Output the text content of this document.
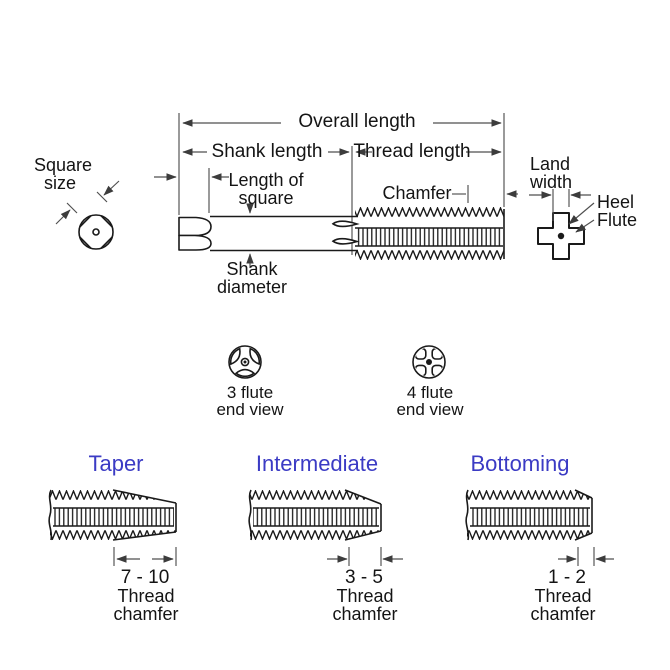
Overall length
Shank length Thread length
Length of
square	Chamfer
Square
size
Shank
diameter
Land
width
Heel
Flute
3 flute
end view
4 flute
end view
Taper	Intermediate	Bottoming
7 - 10
Thread
chamfer
3 - 5
Thread
chamfer
1 - 2
Thread
chamfer
